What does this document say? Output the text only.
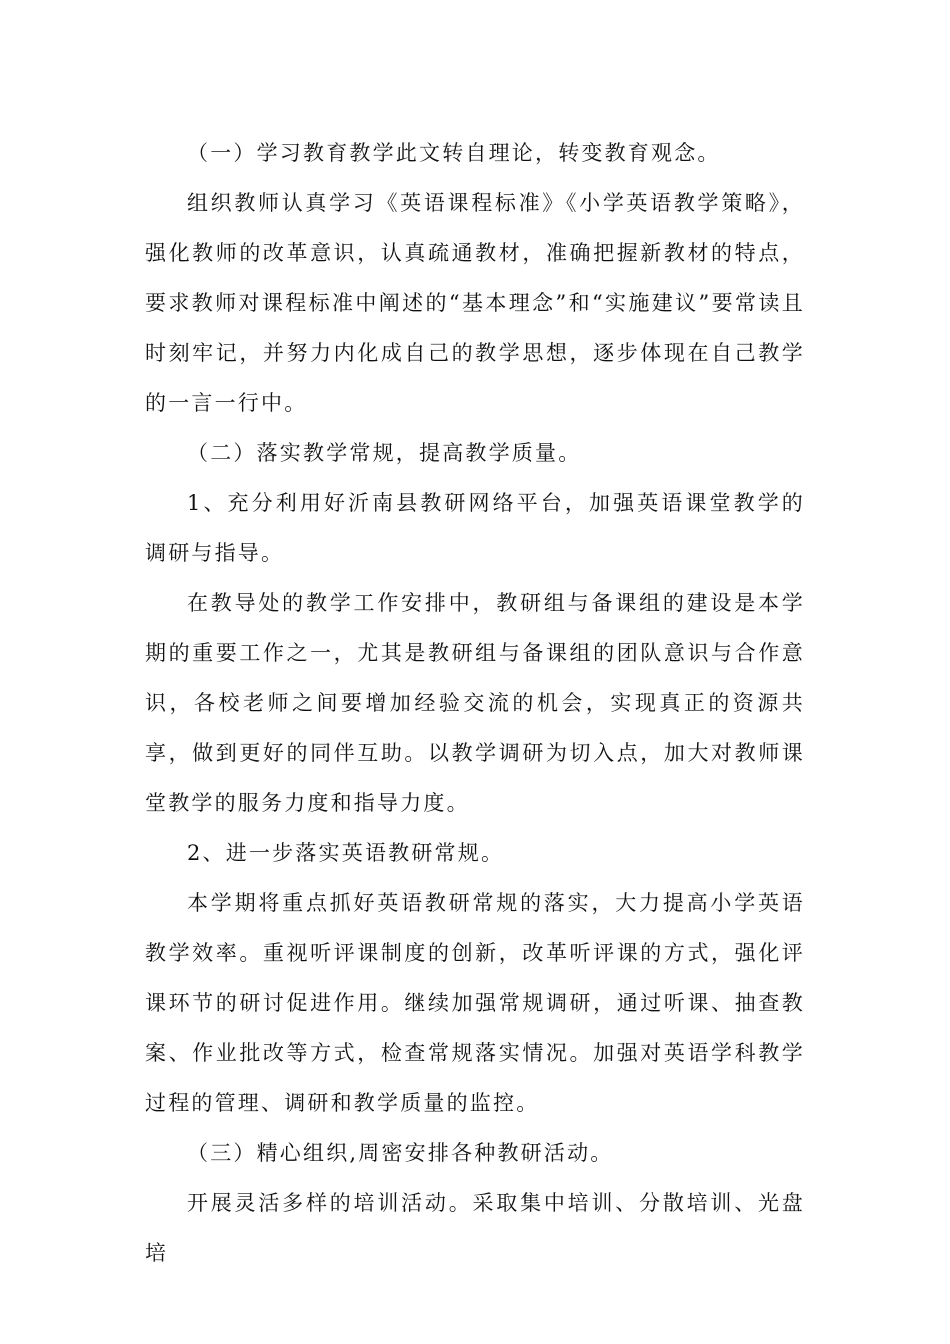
（一）学习教育教学此文转自理论，转变教育观念。

组织教师认真学习《英语课程标准》《小学英语教学策略》，强化教师的改革意识，认真疏通教材，准确把握新教材的特点，要求教师对课程标准中阐述的“基本理念”和“实施建议”要常读且时刻牢记，并努力内化成自己的教学思想，逐步体现在自己教学的一言一行中。

（二）落实教学常规，提高教学质量。

1、充分利用好沂南县教研网络平台，加强英语课堂教学的调研与指导。

在教导处的教学工作安排中，教研组与备课组的建设是本学期的重要工作之一，尤其是教研组与备课组的团队意识与合作意识，各校老师之间要增加经验交流的机会，实现真正的资源共享，做到更好的同伴互助。以教学调研为切入点，加大对教师课堂教学的服务力度和指导力度。

2、进一步落实英语教研常规。

本学期将重点抓好英语教研常规的落实，大力提高小学英语教学效率。重视听评课制度的创新，改革听评课的方式，强化评课环节的研讨促进作用。继续加强常规调研，通过听课、抽查教案、作业批改等方式，检查常规落实情况。加强对英语学科教学过程的管理、调研和教学质量的监控。

（三）精心组织,周密安排各种教研活动。

开展灵活多样的培训活动。采取集中培训、分散培训、光盘培
